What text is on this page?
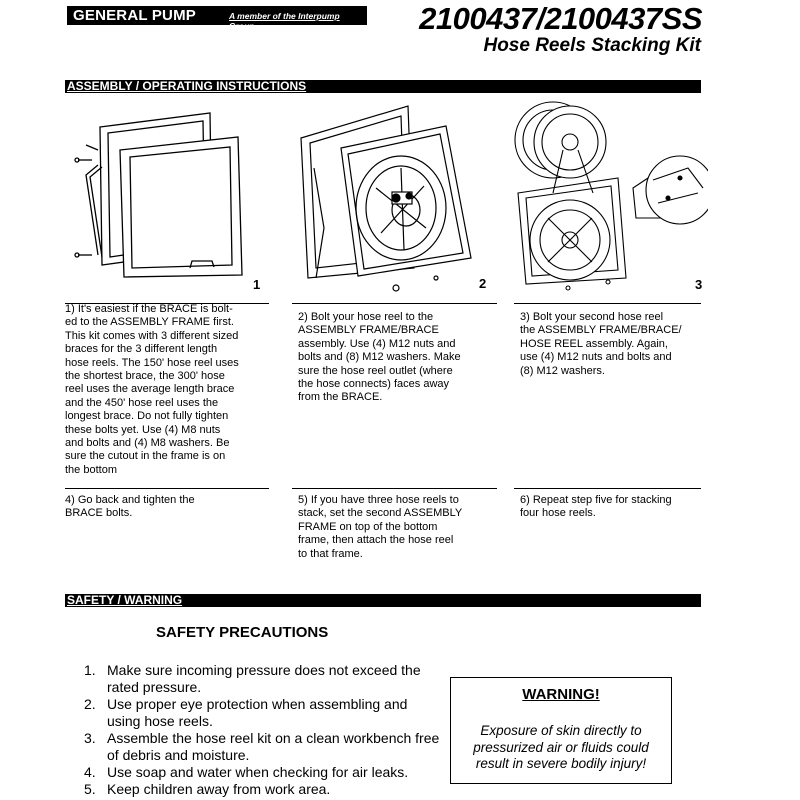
GENERAL PUMP	A member of the Interpump Group	2100437/2100437SS
Hose Reels Stacking Kit
ASSEMBLY / OPERATING INSTRUCTIONS
1	2	3
1) It's easiest if the BRACE is bolt-
ed to the ASSEMBLY FRAME first.
This kit comes with 3 different sized
braces for the 3 different length
hose reels. The 150' hose reel uses
the shortest brace, the 300' hose
reel uses the average length brace
and the 450' hose reel uses the
longest brace. Do not fully tighten
these bolts yet. Use (4) M8 nuts
and bolts and (4) M8 washers. Be
sure the cutout in the frame is on
the bottom
2) Bolt your hose reel to the
ASSEMBLY FRAME/BRACE
assembly. Use (4) M12 nuts and
bolts and (8) M12 washers. Make
sure the hose reel outlet (where
the hose connects) faces away
from the BRACE.
3) Bolt your second hose reel
the ASSEMBLY FRAME/BRACE/
HOSE REEL assembly. Again,
use (4) M12 nuts and bolts and
(8) M12 washers.
4) Go back and tighten the
BRACE bolts.
5) If you have three hose reels to
stack, set the second ASSEMBLY
FRAME on top of the bottom
frame, then attach the hose reel
to that frame.
6) Repeat step five for stacking
four hose reels.
SAFETY / WARNING
SAFETY PRECAUTIONS
1. Make sure incoming pressure does not exceed the rated pressure.
2. Use proper eye protection when assembling and using hose reels.
3. Assemble the hose reel kit on a clean workbench free of debris and moisture.
4. Use soap and water when checking for air leaks.
5. Keep children away from work area.
WARNING!
Exposure of skin directly to pressurized air or fluids could result in severe bodily injury!
